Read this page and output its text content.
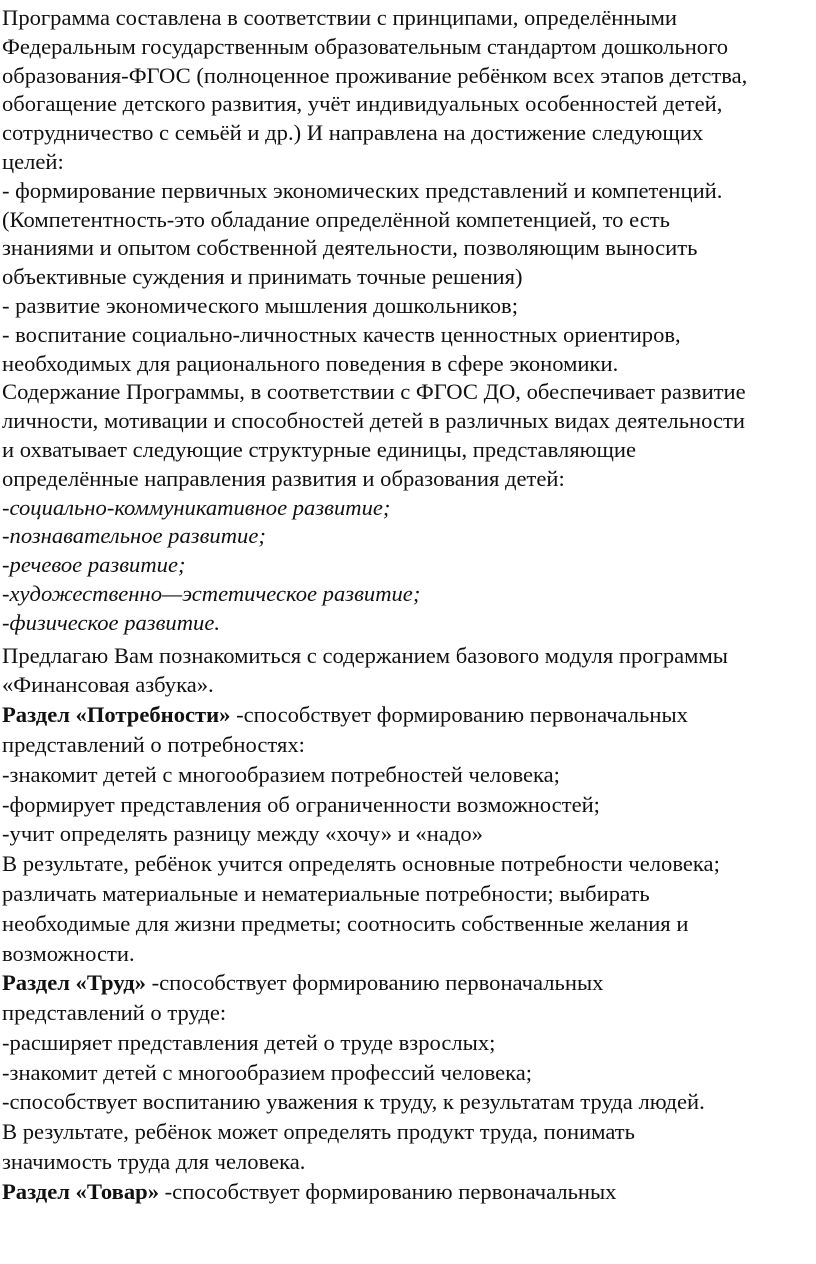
Программа составлена в соответствии с принципами, определёнными
Федеральным государственным образовательным стандартом дошкольного
образования-ФГОС (полноценное проживание ребёнком всех этапов детства,
обогащение детского развития, учёт индивидуальных особенностей детей,
сотрудничество с семьёй и др.) И направлена на достижение следующих
целей:
- формирование первичных экономических представлений и компетенций.
(Компетентность-это обладание определённой компетенцией, то есть
знаниями и опытом собственной деятельности, позволяющим выносить
объективные суждения и принимать точные решения)
- развитие экономического мышления дошкольников;
- воспитание социально-личностных качеств ценностных ориентиров,
необходимых для рационального поведения в сфере экономики.
Содержание Программы, в соответствии с ФГОС ДО, обеспечивает развитие
личности, мотивации и способностей детей в различных видах деятельности
и охватывает следующие структурные единицы, представляющие
определённые направления развития и образования детей:
-социально-коммуникативное развитие;
-познавательное развитие;
-речевое развитие;
-художественно—эстетическое развитие;
-физическое развитие.
Предлагаю Вам познакомиться с содержанием базового модуля программы
«Финансовая азбука».
Раздел «Потребности» -способствует формированию первоначальных
представлений о потребностях:
-знакомит детей с многообразием потребностей человека;
-формирует представления об ограниченности возможностей;
-учит определять разницу между «хочу» и «надо»
В результате, ребёнок учится определять основные потребности человека;
различать материальные и нематериальные потребности; выбирать
необходимые для жизни предметы; соотносить собственные желания и
возможности.
Раздел «Труд» -способствует формированию первоначальных
представлений о труде:
-расширяет представления детей о труде взрослых;
-знакомит детей с многообразием профессий человека;
-способствует воспитанию уважения к труду, к результатам труда людей.
В результате, ребёнок может определять продукт труда, понимать
значимость труда для человека.
Раздел «Товар» -способствует формированию первоначальных
